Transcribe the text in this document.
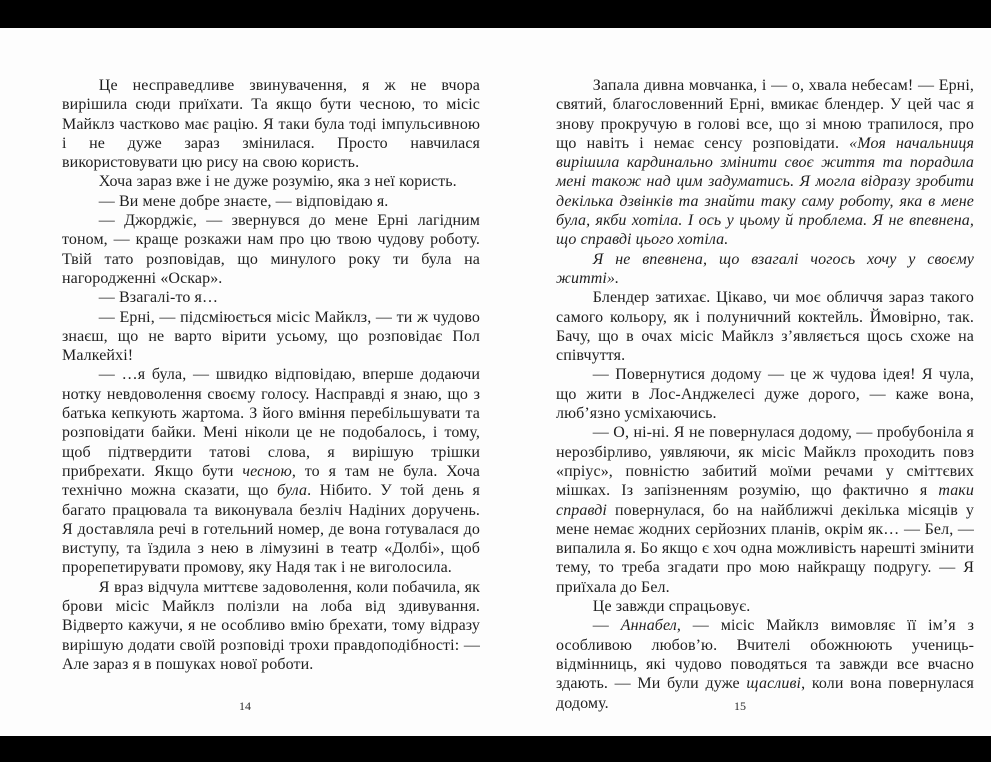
Це несправедливе звинувачення, я ж не вчора вирішила сюди приїхати. Та якщо бути чесною, то місіс Майклз частково має рацію. Я таки була тоді імпульсивною і не дуже зараз змінилася. Просто навчилася використовувати цю рису на свою користь.

Хоча зараз вже і не дуже розумію, яка з неї користь.

— Ви мене добре знаєте, — відповідаю я.

— Джорджіє, — звернувся до мене Ерні лагідним тоном, — краще розкажи нам про цю твою чудову роботу. Твій тато розповідав, що минулого року ти була на нагородженні «Оскар».

— Взагалі-то я…

— Ерні, — підсміюється місіс Майклз, — ти ж чудово знаєш, що не варто вірити усьому, що розповідає Пол Малкейхі!

— …я була, — швидко відповідаю, вперше додаючи нотку невдоволення своєму голосу. Насправді я знаю, що з батька кепкують жартома. З його вміння перебільшувати та розповідати байки. Мені ніколи це не подобалось, і тому, щоб підтвердити татові слова, я вирішую трішки прибрехати. Якщо бути чесною, то я там не була. Хоча технічно можна сказати, що була. Нібито. У той день я багато працювала та виконувала безліч Надіних доручень. Я доставляла речі в готельний номер, де вона готувалася до виступу, та їздила з нею в лімузині в театр «Долбі», щоб прорепетирувати промову, яку Надя так і не виголосила.

Я враз відчула миттєве задоволення, коли побачила, як брови місіс Майклз полізли на лоба від здивування. Відверто кажучи, я не особливо вмію брехати, тому відразу вирішую додати своїй розповіді трохи правдоподібності: — Але зараз я в пошуках нової роботи.

Запала дивна мовчанка, і — о, хвала небесам! — Ерні, святий, благословенний Ерні, вмикає блендер. У цей час я знову прокручую в голові все, що зі мною трапилося, про що навіть і немає сенсу розповідати. «Моя начальниця вирішила кардинально змінити своє життя та порадила мені також над цим задуматись. Я могла відразу зробити декілька дзвінків та знайти таку саму роботу, яка в мене була, якби хотіла. І ось у цьому й проблема. Я не впевнена, що справді цього хотіла.

Я не впевнена, що взагалі чогось хочу у своєму житті».

Блендер затихає. Цікаво, чи моє обличчя зараз такого самого кольору, як і полуничний коктейль. Ймовірно, так. Бачу, що в очах місіс Майклз з’являється щось схоже на співчуття.

— Повернутися додому — це ж чудова ідея! Я чула, що жити в Лос-Анджелесі дуже дорого, — каже вона, люб’язно усміхаючись.

— О, ні-ні. Я не повернулася додому, — пробубоніла я нерозбірливо, уявляючи, як місіс Майклз проходить повз «пріус», повністю забитий моїми речами у сміттєвих мішках. Із запізненням розумію, що фактично я таки справді повернулася, бо на найближчі декілька місяців у мене немає жодних серйозних планів, окрім як… — Бел, — випалила я. Бо якщо є хоч одна можливість нарешті змінити тему, то треба згадати про мою найкращу подругу. — Я приїхала до Бел.

Це завжди спрацьовує.

— Аннабел, — місіс Майклз вимовляє її ім’я з особливою любов’ю. Вчителі обожнюють учениць-відмінниць, які чудово поводяться та завжди все вчасно здають. — Ми були дуже щасливі, коли вона повернулася додому.

14	15
